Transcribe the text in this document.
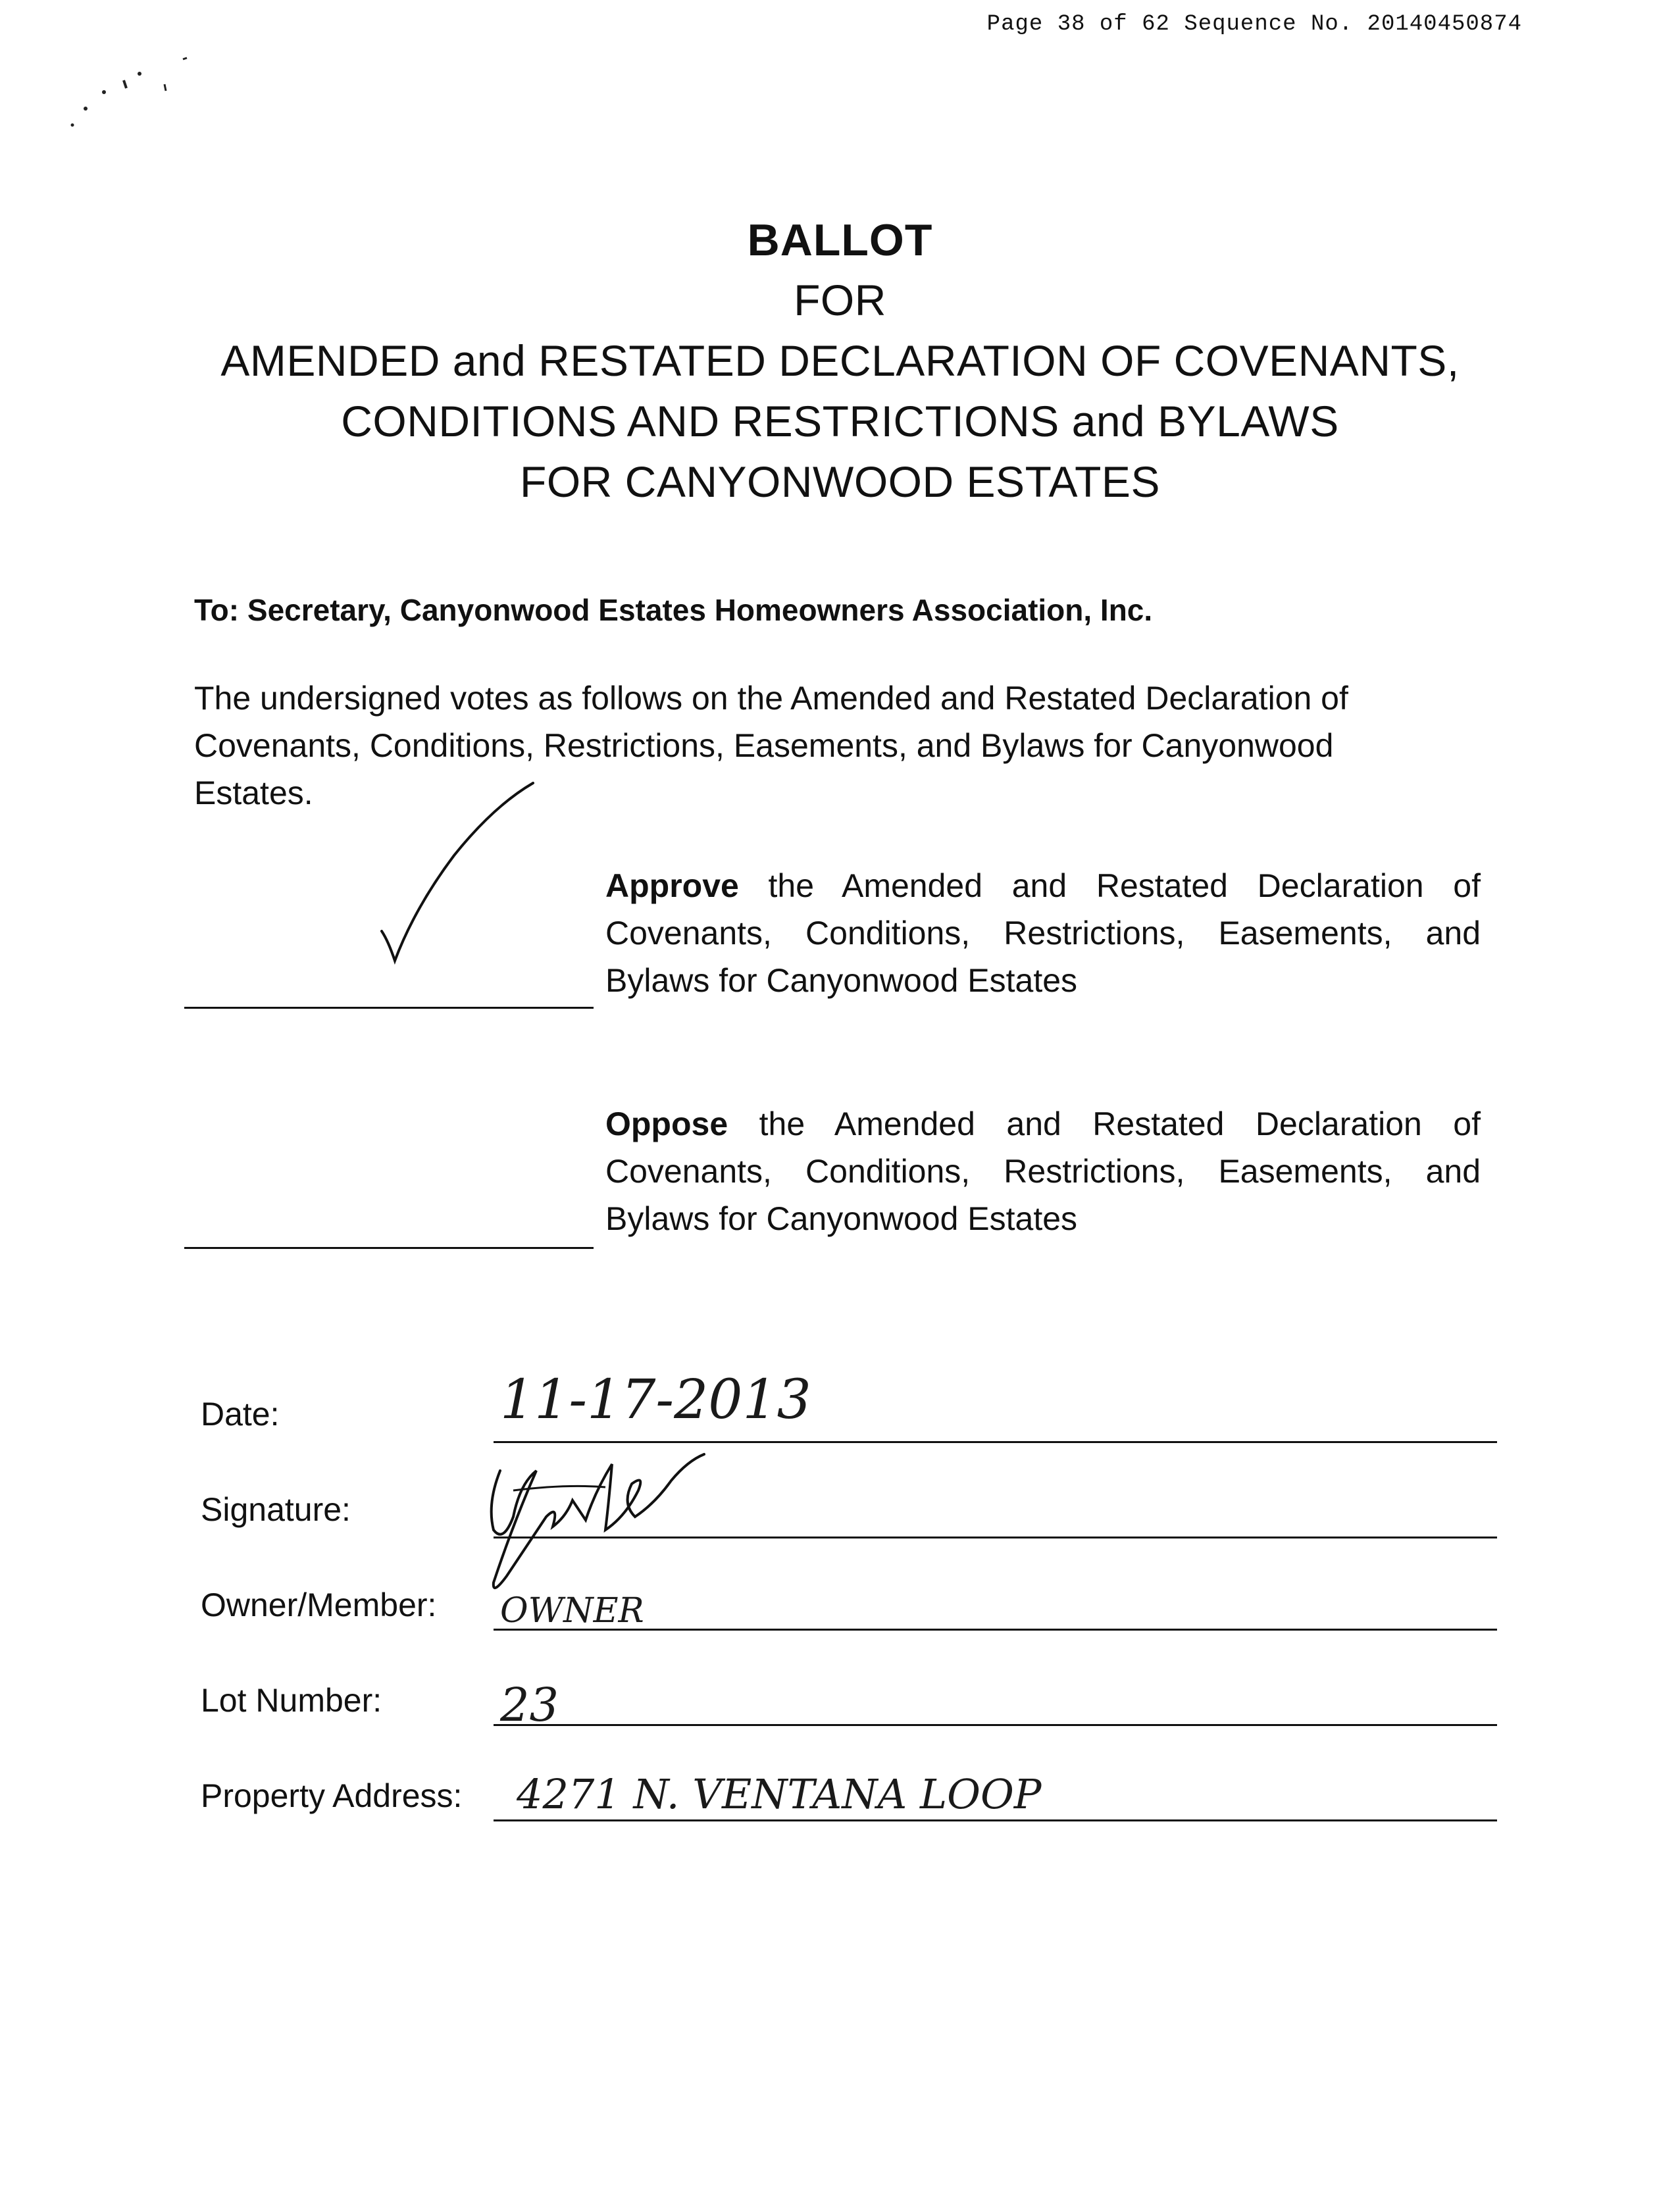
Page 38 of 62 Sequence No. 20140450874
BALLOT
FOR
AMENDED and RESTATED DECLARATION OF COVENANTS,
CONDITIONS AND RESTRICTIONS and BYLAWS
FOR CANYONWOOD ESTATES
To: Secretary, Canyonwood Estates Homeowners Association, Inc.
The undersigned votes as follows on the Amended and Restated Declaration of Covenants, Conditions, Restrictions, Easements, and Bylaws for Canyonwood Estates.
Approve the Amended and Restated Declaration of Covenants, Conditions, Restrictions, Easements, and Bylaws for Canyonwood Estates
Oppose the Amended and Restated Declaration of Covenants, Conditions, Restrictions, Easements, and Bylaws for Canyonwood Estates
Date:	11-17-2013
Signature:
Owner/Member: OWNER
Lot Number:	23
Property Address: 4271 N. VENTANA LOOP
